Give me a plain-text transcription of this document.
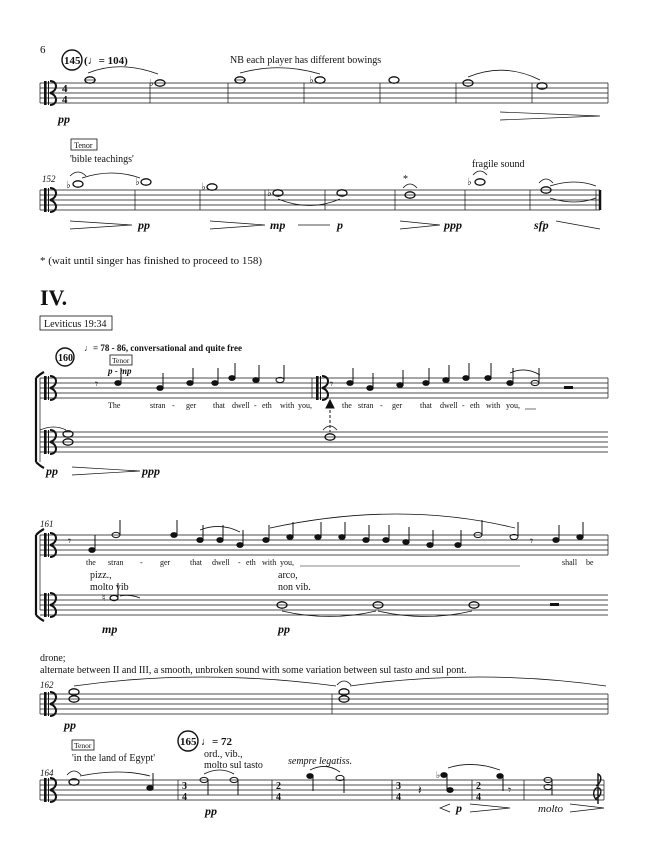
6
145 (♩= 104)	NB each player has different bowings
4
4
♭	♭
pp
Tenor
'bible teachings'	fragile sound
152	*
♭	♭	♭
♭
♭
pp	mp	p	ppp	sfp
* (wait until singer has finished to proceed to 158)
IV.
Leviticus 19:34
160
♩= 78 - 86, conversational and quite free
Tenor
p - mp
𝄾	𝄾
The	stran - ger that dwell - eth with you,	the stran - ger that dwell - eth with you,
pp	ppp
161
𝄾	𝄾
the stran - ger that dwell - eth with you,	shall be
pizz.,
molto vib
arco,
non vib.
♮
mp	pp
drone;
alternate between II and III, a smooth, unbroken sound with some variation between sul tasto and sul pont.
162
pp
Tenor
'in the land of Egypt'
164
165 ♩= 72
ord., vib.,
molto sul tasto	sempre legatiss.
3
4
2
4
3
4
2
4
𝄽
♭
𝄾
pp	p	molto
